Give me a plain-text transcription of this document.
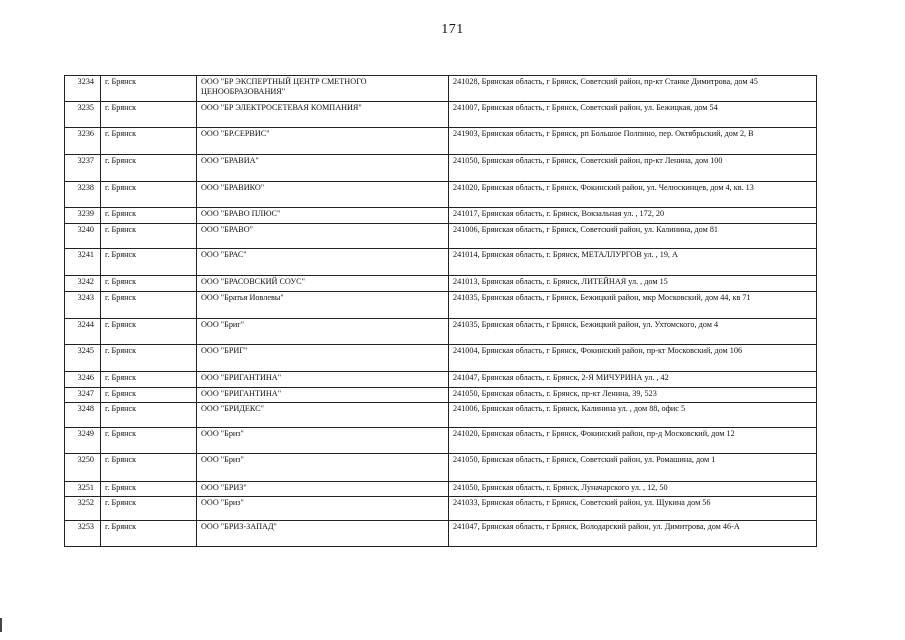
171
3234	г. Брянск	ООО "БР ЭКСПЕРТНЫЙ ЦЕНТР СМЕТНОГО ЦЕНООБРАЗОВАНИЯ"	241028, Брянская область, г Брянск, Советский район, пр-кт Станке Димитрова, дом 45
3235	г. Брянск	ООО "БР ЭЛЕКТРОСЕТЕВАЯ КОМПАНИЯ"	241007, Брянская область, г Брянск, Советский район, ул. Бежицкая, дом 54
3236	г. Брянск	ООО "БР.СЕРВИС"	241903, Брянская область, г Брянск, рп Большое Полпино, пер. Октябрьский, дом 2, В
3237	г. Брянск	ООО "БРАВИА"	241050, Брянская область, г Брянск, Советский район, пр-кт Ленина, дом 100
3238	г. Брянск	ООО "БРАВИКО"	241020, Брянская область, г Брянск, Фокинский район, ул. Челюскинцев, дом 4, кв. 13
3239	г. Брянск	ООО "БРАВО ПЛЮС"	241017, Брянская область, г. Брянск, Вокзальная ул. , 172, 20
3240	г. Брянск	ООО "БРАВО"	241006, Брянская область, г Брянск, Советский район, ул. Калинина, дом 81
3241	г. Брянск	ООО "БРАС"	241014, Брянская область, г. Брянск, МЕТАЛЛУРГОВ ул. , 19, А
3242	г. Брянск	ООО "БРАСОВСКИЙ СОУС"	241013, Брянская область, г. Брянск, ЛИТЕЙНАЯ ул. , дом 15
3243	г. Брянск	ООО "Братья Иовлевы"	241035, Брянская область, г Брянск, Бежицкий район, мкр Московский, дом 44, кв 71
3244	г. Брянск	ООО "Бриг"	241035, Брянская область, г Брянск, Бежицкий район, ул. Ухтомского, дом 4
3245	г. Брянск	ООО "БРИГ"	241004, Брянская область, г Брянск, Фокинский район, пр-кт Московский, дом 106
3246	г. Брянск	ООО "БРИГАНТИНА"	241047, Брянская область, г. Брянск, 2-Я МИЧУРИНА ул. , 42
3247	г. Брянск	ООО "БРИГАНТИНА"	241050, Брянская область, г. Брянск, пр-кт Ленина, 39, 523
3248	г. Брянск	ООО "БРИДЕКС"	241006, Брянская область, г. Брянск, Калинина ул. , дом 88, офис 5
3249	г. Брянск	ООО "Бриз"	241020, Брянская область, г Брянск, Фокинский район, пр-д Московский, дом 12
3250	г. Брянск	ООО "Бриз"	241050, Брянская область, г Брянск, Советский район, ул. Ромашина, дом 1
3251	г. Брянск	ООО "БРИЗ"	241050, Брянская область, г. Брянск, Луначарского ул. , 12, 50
3252	г. Брянск	ООО "Бриз"	241033, Брянская область, г Брянск, Советский район, ул. Щукина дом 56
3253	г. Брянск	ООО "БРИЗ-ЗАПАД"	241047, Брянская область, г Брянск, Володарский район, ул. Димитрова, дом 46-А
